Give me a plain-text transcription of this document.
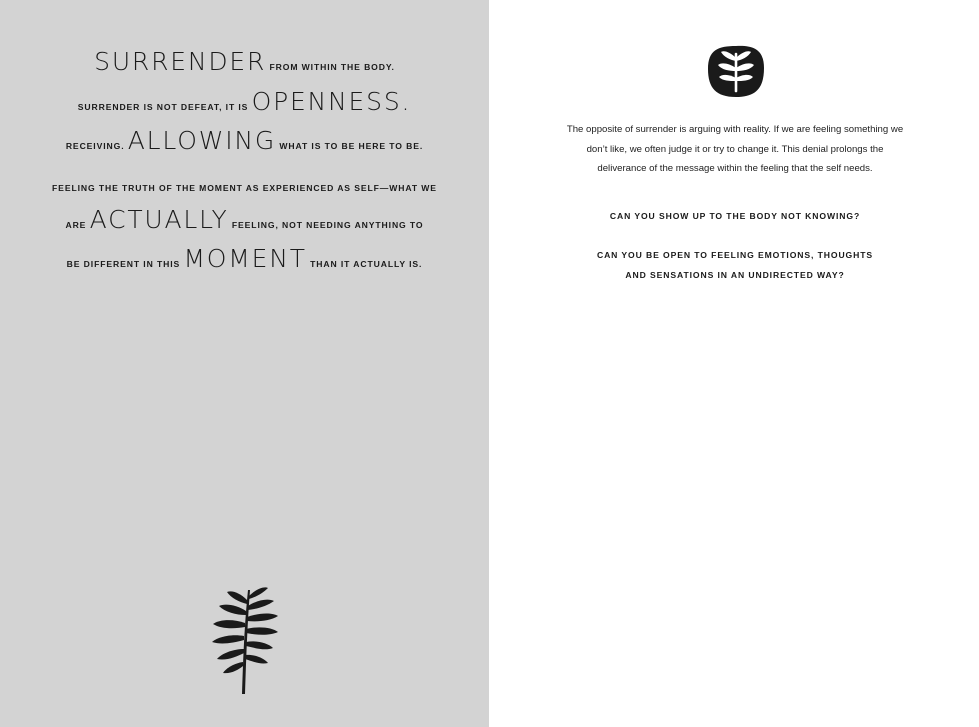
SURRENDER FROM WITHIN THE BODY.
SURRENDER IS NOT DEFEAT, IT IS OPENNESS.
RECEIVING. ALLOWING WHAT IS TO BE HERE TO BE.
FEELING THE TRUTH OF THE MOMENT AS EXPERIENCED AS SELF—WHAT WE
ARE ACTUALLY FEELING, NOT NEEDING ANYTHING TO
BE DIFFERENT IN THIS MOMENT THAN IT ACTUALLY IS.
The opposite of surrender is arguing with reality. If we are feeling something we
don’t like, we often judge it or try to change it. This denial prolongs the
deliverance of the message within the feeling that the self needs.
CAN YOU SHOW UP TO THE BODY NOT KNOWING?
CAN YOU BE OPEN TO FEELING EMOTIONS, THOUGHTS
AND SENSATIONS IN AN UNDIRECTED WAY?
